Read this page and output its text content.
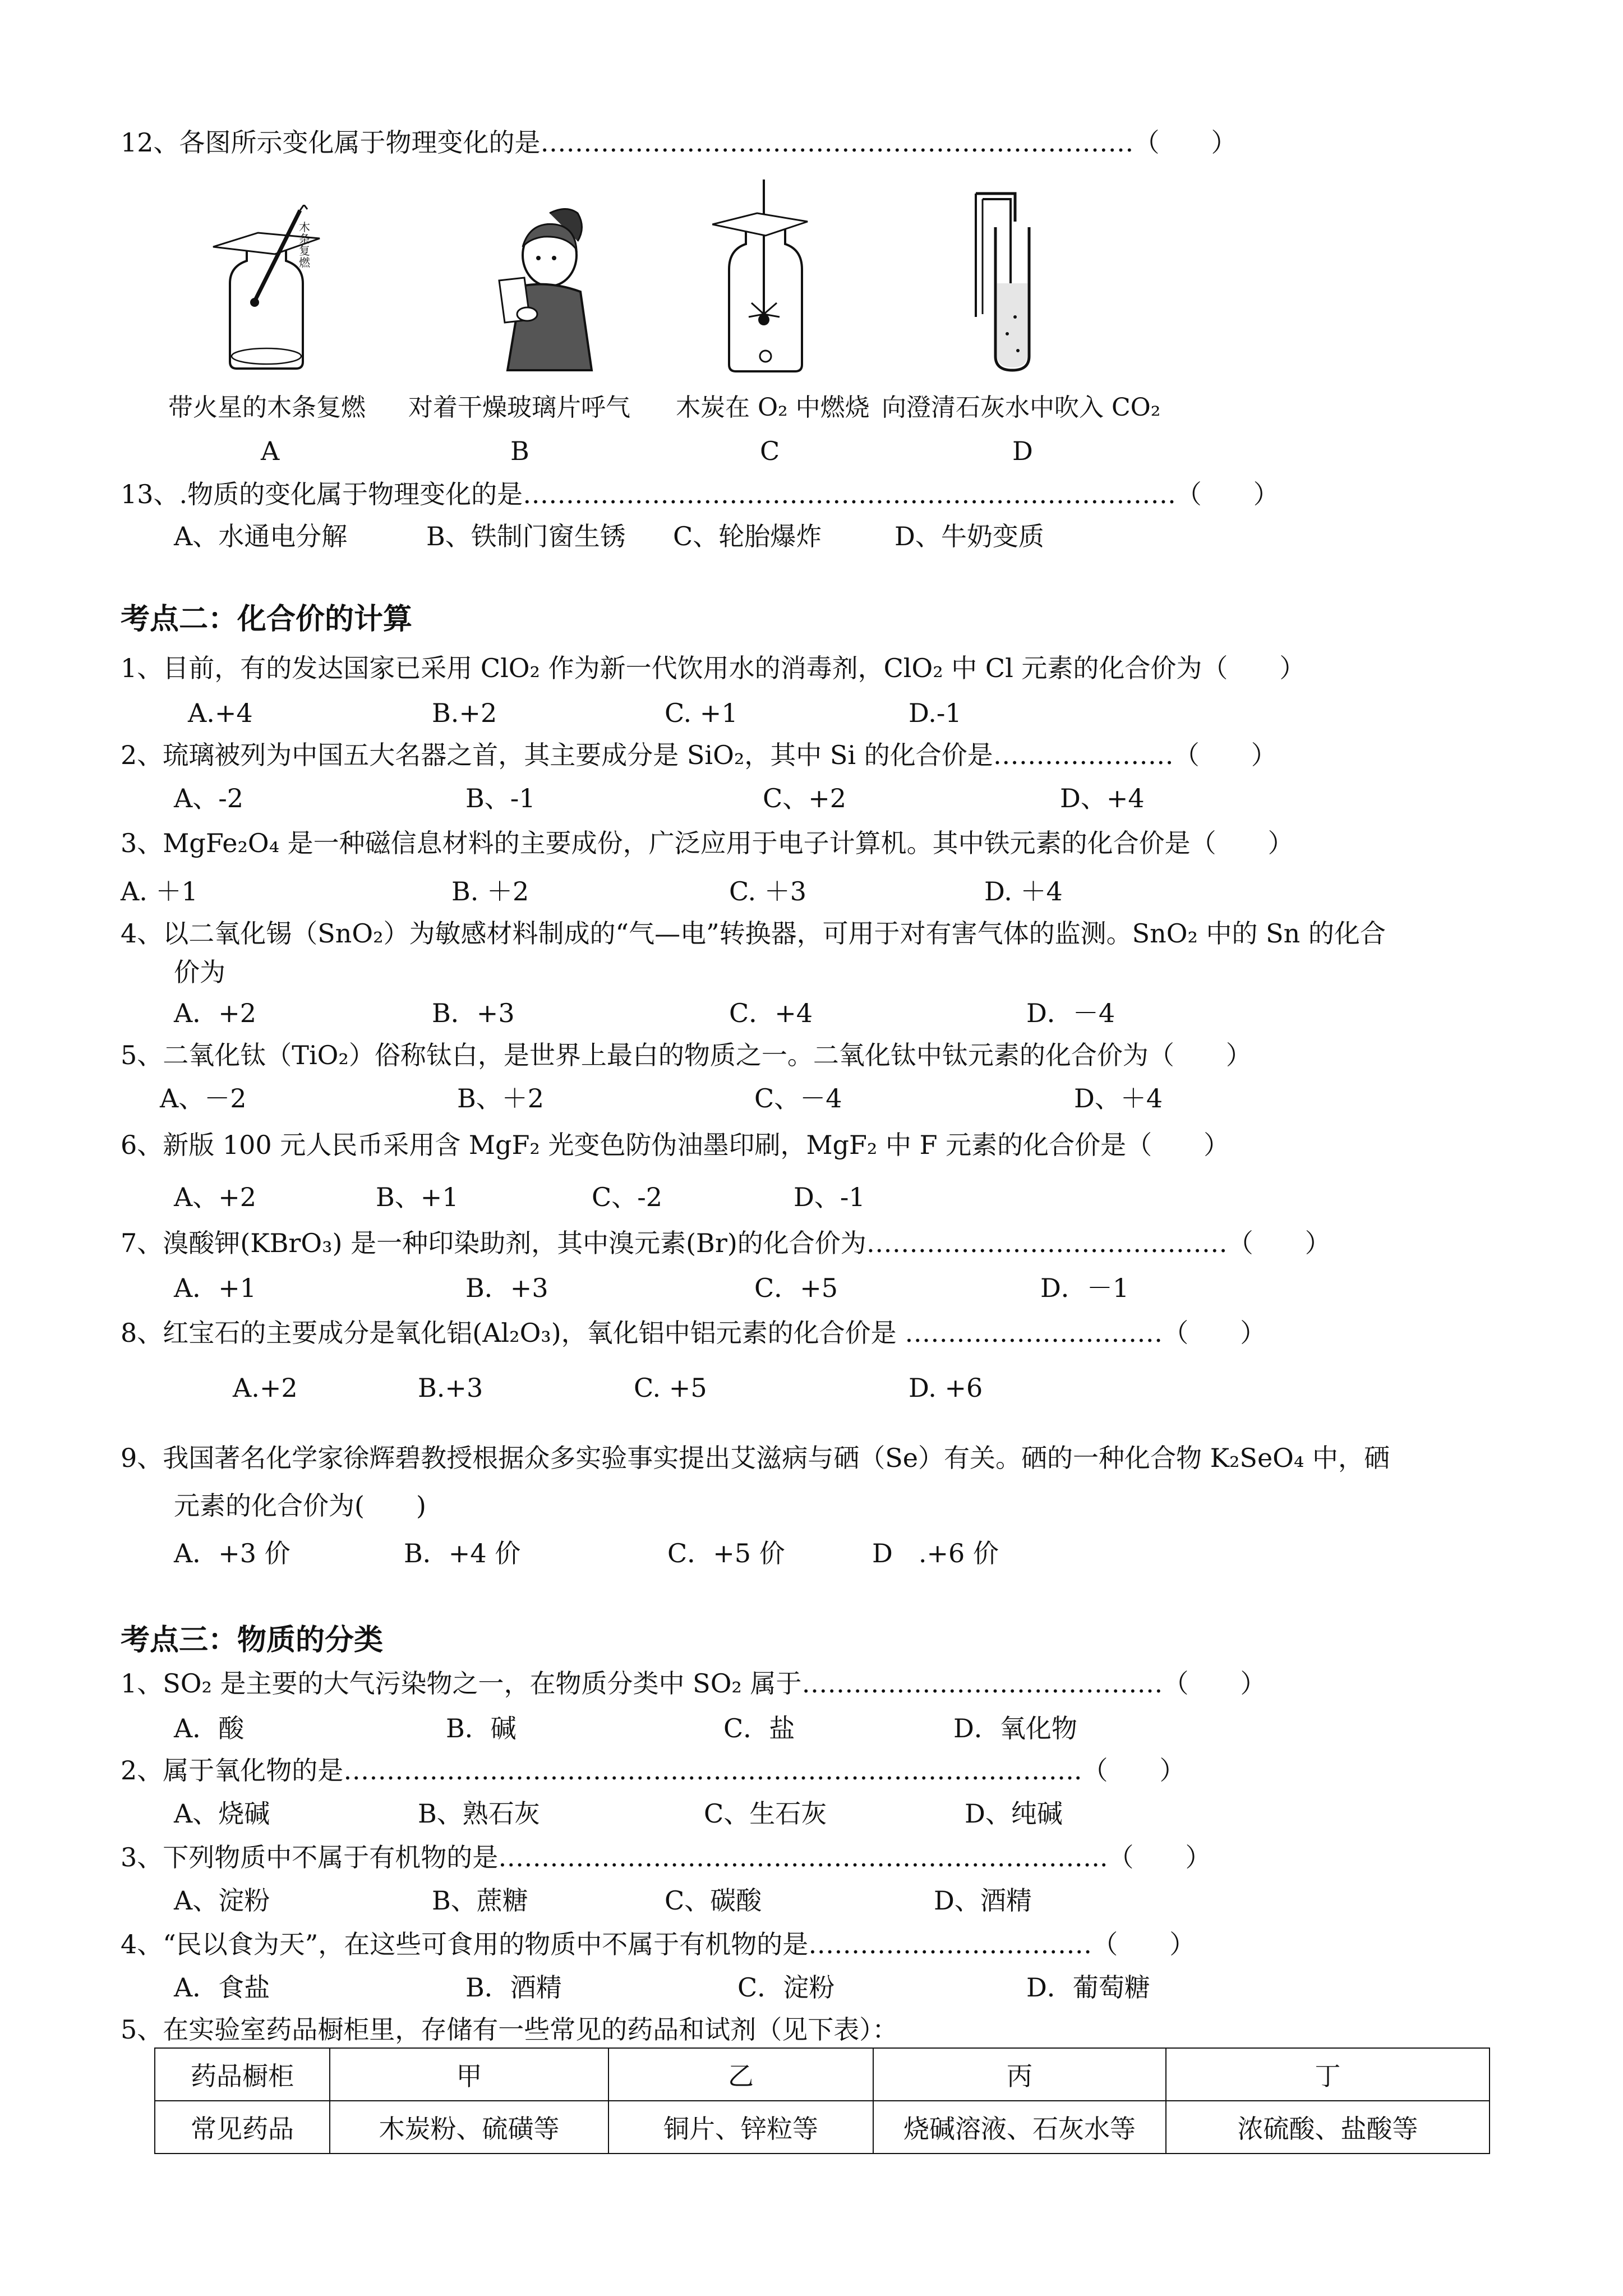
12、各图所示变化属于物理变化的是……………………………………………………………（　　）
木条复燃
带火星的木条复燃 对着干燥玻璃片呼气 木炭在 O₂ 中燃烧 向澄清石灰水中吹入 CO₂
A	B	C	D
13、.物质的变化属于物理变化的是………………………………………………………………….（　　）
A、水通电分解	B、铁制门窗生锈 C、轮胎爆炸	D、牛奶变质
考点二：化合价的计算
1、目前，有的发达国家已采用 ClO₂ 作为新一代饮用水的消毒剂，ClO₂ 中 Cl 元素的化合价为（　　）
A.+4	B.+2	C. +1	D.-1
2、琉璃被列为中国五大名器之首，其主要成分是 SiO₂，其中 Si 的化合价是…………………（　　）
A、-2	B、-1	C、+2	D、+4
3、MgFe₂O₄ 是一种磁信息材料的主要成份，广泛应用于电子计算机。其中铁元素的化合价是（　　）
A. ＋1	B. ＋2	C. ＋3	D. ＋4
4、以二氧化锡（SnO₂）为敏感材料制成的“气—电”转换器，可用于对有害气体的监测。SnO₂ 中的 Sn 的化合
价为
A．+2	B．+3	C．+4	D．－4
5、二氧化钛（TiO₂）俗称钛白，是世界上最白的物质之一。二氧化钛中钛元素的化合价为（　　）
A、－2	B、＋2	C、－4	D、＋4
6、新版 100 元人民币采用含 MgF₂ 光变色防伪油墨印刷，MgF₂ 中 F 元素的化合价是（　　）
A、+2	B、+1	C、-2	D、-1
7、溴酸钾(KBrO₃) 是一种印染助剂，其中溴元素(Br)的化合价为……………………………………（　　）
A．+1	B．+3	C．+5	D．－1
8、红宝石的主要成分是氧化铝(Al₂O₃)，氧化铝中铝元素的化合价是 …………………………（　　）
A.+2	B.+3	C. +5	D. +6
9、我国著名化学家徐辉碧教授根据众多实验事实提出艾滋病与硒（Se）有关。硒的一种化合物 K₂SeO₄ 中，硒
元素的化合价为(　　)
A．+3 价	B．+4 价	C．+5 价	D　.+6 价
考点三：物质的分类
1、SO₂ 是主要的大气污染物之一，在物质分类中 SO₂ 属于……………………………………（　　）
A．酸	B．碱	C．盐	D．氧化物
2、属于氧化物的是…………………………………………………………………………..（　　）
A、烧碱	B、熟石灰	C、生石灰	D、纯碱
3、下列物质中不属于有机物的是……………………………………………………………..（　　）
A、淀粉	B、蔗糖	C、碳酸	D、酒精
4、“民以食为天”，在这些可食用的物质中不属于有机物的是……………………………（　　）
A．食盐	B．酒精	C．淀粉	D．葡萄糖
5、在实验室药品橱柜里，存储有一些常见的药品和试剂（见下表）：
药品橱柜	甲	乙	丙	丁
常见药品	木炭粉、硫磺等	铜片、锌粒等	烧碱溶液、石灰水等	浓硫酸、盐酸等
